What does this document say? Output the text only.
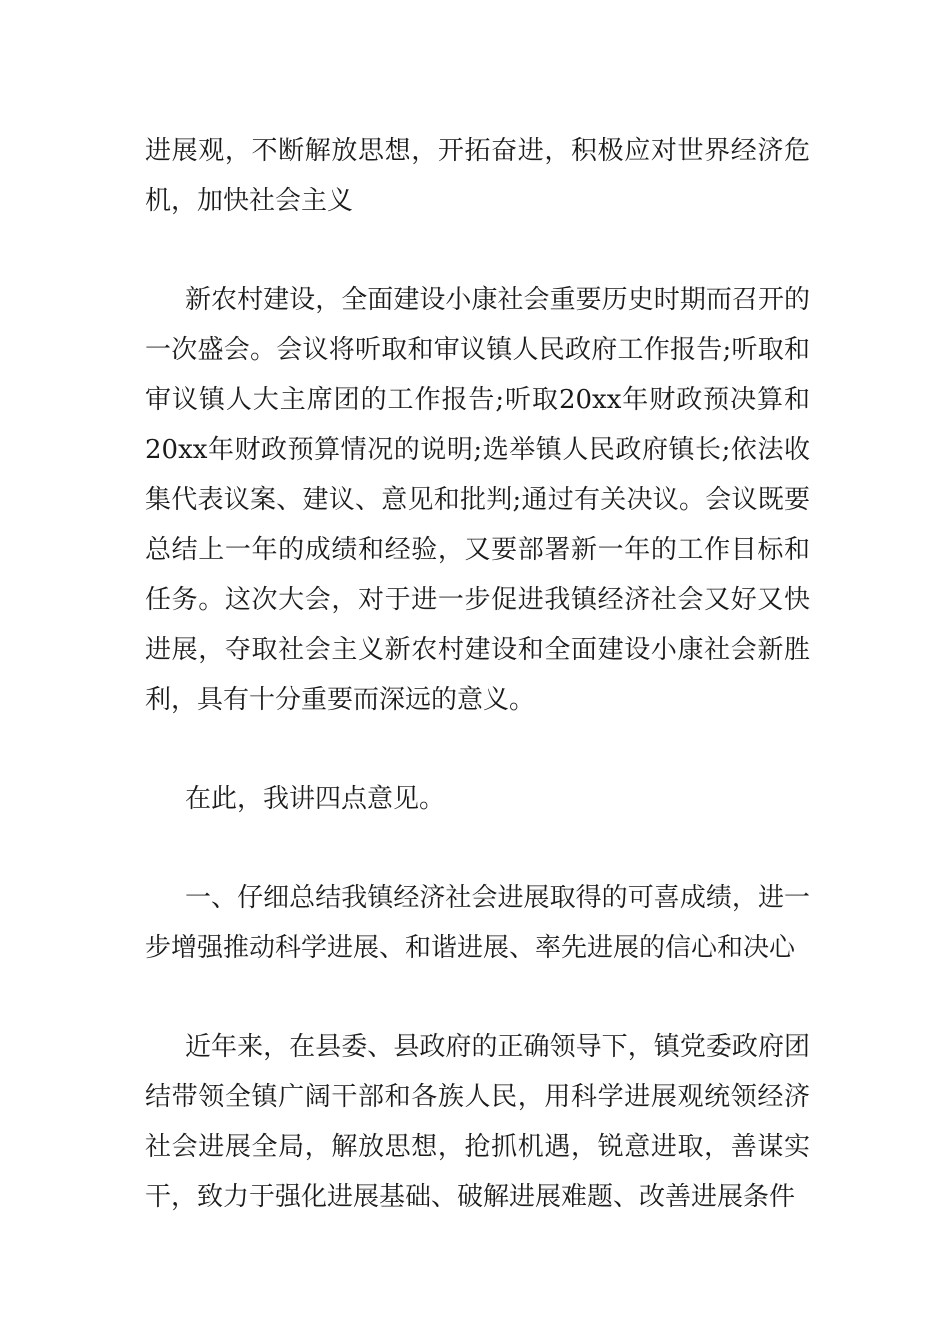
进展观，不断解放思想，开拓奋进，积极应对世界经济危机，加快社会主义

新农村建设，全面建设小康社会重要历史时期而召开的一次盛会。会议将听取和审议镇人民政府工作报告;听取和审议镇人大主席团的工作报告;听取20xx年财政预决算和20xx年财政预算情况的说明;选举镇人民政府镇长;依法收集代表议案、建议、意见和批判;通过有关决议。会议既要总结上一年的成绩和经验，又要部署新一年的工作目标和任务。这次大会，对于进一步促进我镇经济社会又好又快进展，夺取社会主义新农村建设和全面建设小康社会新胜利，具有十分重要而深远的意义。

在此，我讲四点意见。

一、仔细总结我镇经济社会进展取得的可喜成绩，进一步增强推动科学进展、和谐进展、率先进展的信心和决心

近年来，在县委、县政府的正确领导下，镇党委政府团结带领全镇广阔干部和各族人民，用科学进展观统领经济社会进展全局，解放思想，抢抓机遇，锐意进取，善谋实干，致力于强化进展基础、破解进展难题、改善进展条件
